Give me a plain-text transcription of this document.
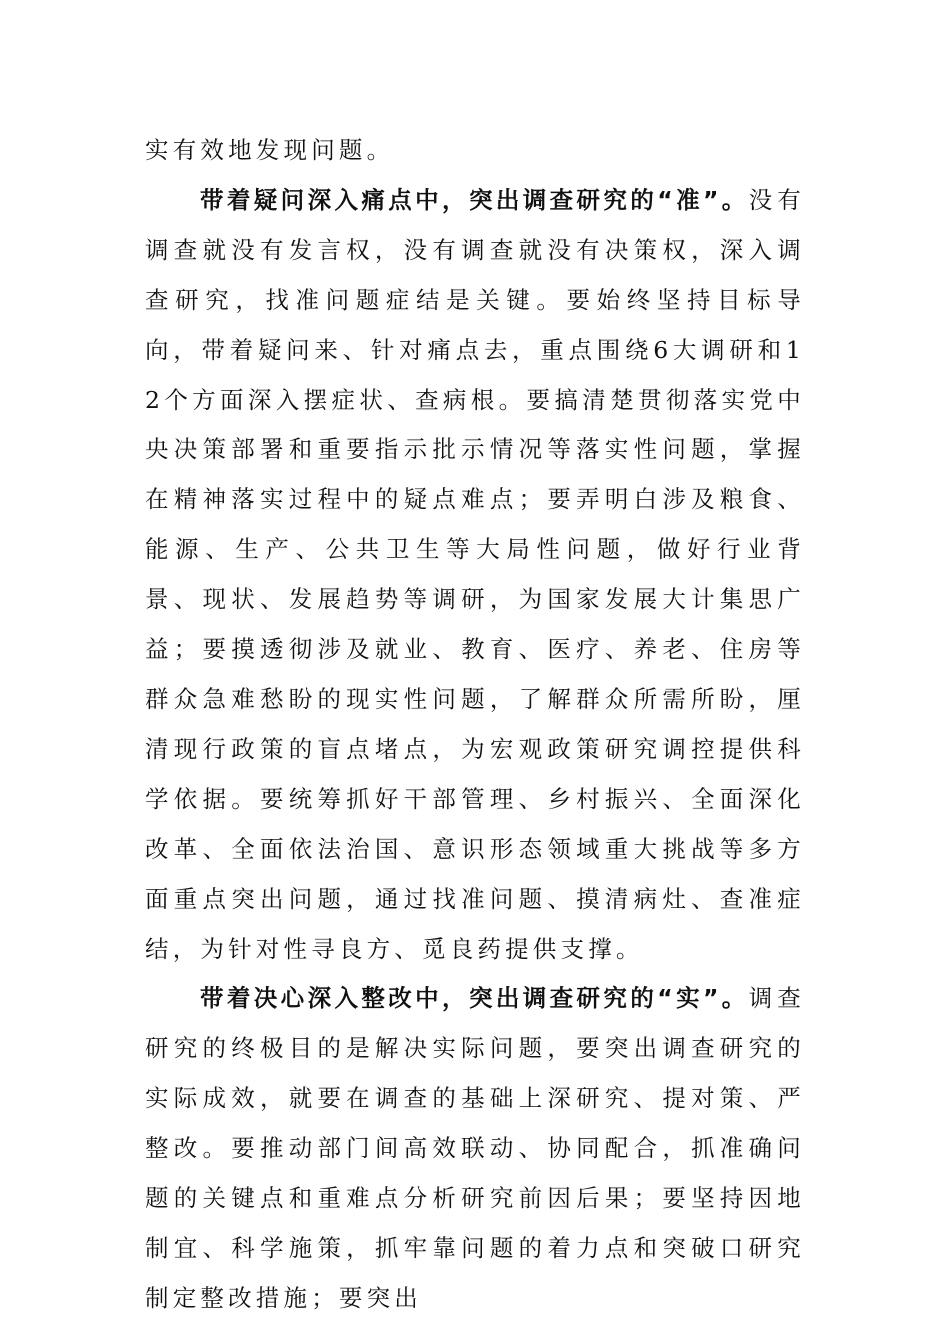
实有效地发现问题。

带着疑问深入痛点中，突出调查研究的“准”。没有调查就没有发言权，没有调查就没有决策权，深入调查研究，找准问题症结是关键。要始终坚持目标导向，带着疑问来、针对痛点去，重点围绕6大调研和12个方面深入摆症状、查病根。要搞清楚贯彻落实党中央决策部署和重要指示批示情况等落实性问题，掌握在精神落实过程中的疑点难点；要弄明白涉及粮食、能源、生产、公共卫生等大局性问题，做好行业背景、现状、发展趋势等调研，为国家发展大计集思广益；要摸透彻涉及就业、教育、医疗、养老、住房等群众急难愁盼的现实性问题，了解群众所需所盼，厘清现行政策的盲点堵点，为宏观政策研究调控提供科学依据。要统筹抓好干部管理、乡村振兴、全面深化改革、全面依法治国、意识形态领域重大挑战等多方面重点突出问题，通过找准问题、摸清病灶、查准症结，为针对性寻良方、觅良药提供支撑。

带着决心深入整改中，突出调查研究的“实”。调查研究的终极目的是解决实际问题，要突出调查研究的实际成效，就要在调查的基础上深研究、提对策、严整改。要推动部门间高效联动、协同配合，抓准确问题的关键点和重难点分析研究前因后果；要坚持因地制宜、科学施策，抓牢靠问题的着力点和突破口研究制定整改措施；要突出
